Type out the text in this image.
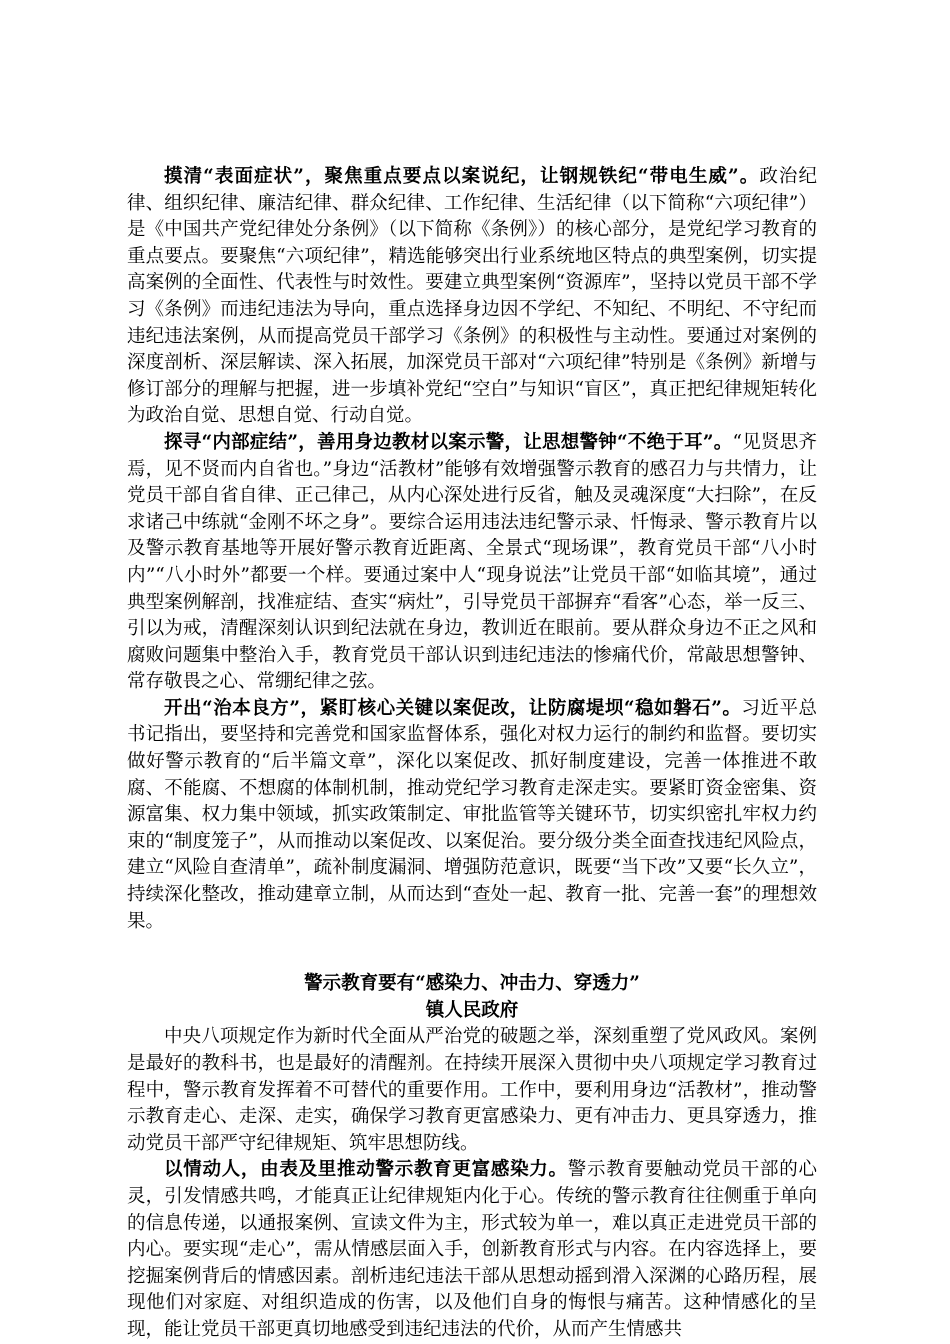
摸清“表面症状”，聚焦重点要点以案说纪，让钢规铁纪“带电生威”。政治纪律、组织纪律、廉洁纪律、群众纪律、工作纪律、生活纪律（以下简称“六项纪律”）是《中国共产党纪律处分条例》（以下简称《条例》）的核心部分，是党纪学习教育的重点要点。要聚焦“六项纪律”，精选能够突出行业系统地区特点的典型案例，切实提高案例的全面性、代表性与时效性。要建立典型案例“资源库”，坚持以党员干部不学习《条例》而违纪违法为导向，重点选择身边因不学纪、不知纪、不明纪、不守纪而违纪违法案例，从而提高党员干部学习《条例》的积极性与主动性。要通过对案例的深度剖析、深层解读、深入拓展，加深党员干部对“六项纪律”特别是《条例》新增与修订部分的理解与把握，进一步填补党纪“空白”与知识“盲区”，真正把纪律规矩转化为政治自觉、思想自觉、行动自觉。

探寻“内部症结”，善用身边教材以案示警，让思想警钟“不绝于耳”。“见贤思齐焉，见不贤而内自省也。”身边“活教材”能够有效增强警示教育的感召力与共情力，让党员干部自省自律、正己律己，从内心深处进行反省，触及灵魂深度“大扫除”，在反求诸己中练就“金刚不坏之身”。要综合运用违法违纪警示录、忏悔录、警示教育片以及警示教育基地等开展好警示教育近距离、全景式“现场课”，教育党员干部“八小时内”“八小时外”都要一个样。要通过案中人“现身说法”让党员干部“如临其境”，通过典型案例解剖，找准症结、查实“病灶”，引导党员干部摒弃“看客”心态，举一反三、引以为戒，清醒深刻认识到纪法就在身边，教训近在眼前。要从群众身边不正之风和腐败问题集中整治入手，教育党员干部认识到违纪违法的惨痛代价，常敲思想警钟、常存敬畏之心、常绷纪律之弦。

开出“治本良方”，紧盯核心关键以案促改，让防腐堤坝“稳如磐石”。习近平总书记指出，要坚持和完善党和国家监督体系，强化对权力运行的制约和监督。要切实做好警示教育的“后半篇文章”，深化以案促改、抓好制度建设，完善一体推进不敢腐、不能腐、不想腐的体制机制，推动党纪学习教育走深走实。要紧盯资金密集、资源富集、权力集中领域，抓实政策制定、审批监管等关键环节，切实织密扎牢权力约束的“制度笼子”，从而推动以案促改、以案促治。要分级分类全面查找违纪风险点，建立“风险自查清单”，疏补制度漏洞、增强防范意识，既要“当下改”又要“长久立”，持续深化整改，推动建章立制，从而达到“查处一起、教育一批、完善一套”的理想效果。

警示教育要有“感染力、冲击力、穿透力”

镇人民政府

中央八项规定作为新时代全面从严治党的破题之举，深刻重塑了党风政风。案例是最好的教科书，也是最好的清醒剂。在持续开展深入贯彻中央八项规定学习教育过程中，警示教育发挥着不可替代的重要作用。工作中，要利用身边“活教材”，推动警示教育走心、走深、走实，确保学习教育更富感染力、更有冲击力、更具穿透力，推动党员干部严守纪律规矩、筑牢思想防线。

以情动人，由表及里推动警示教育更富感染力。警示教育要触动党员干部的心灵，引发情感共鸣，才能真正让纪律规矩内化于心。传统的警示教育往往侧重于单向的信息传递，以通报案例、宣读文件为主，形式较为单一，难以真正走进党员干部的内心。要实现“走心”，需从情感层面入手，创新教育形式与内容。在内容选择上，要挖掘案例背后的情感因素。剖析违纪违法干部从思想动摇到滑入深渊的心路历程，展现他们对家庭、对组织造成的伤害，以及他们自身的悔恨与痛苦。这种情感化的呈现，能让党员干部更真切地感受到违纪违法的代价，从而产生情感共
